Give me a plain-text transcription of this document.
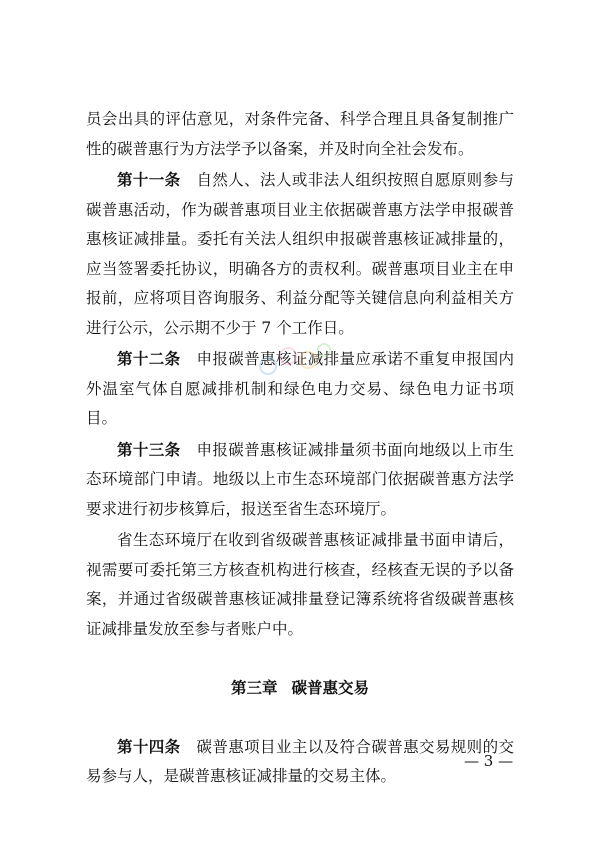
员会出具的评估意见，对条件完备、科学合理且具备复制推广性的碳普惠行为方法学予以备案，并及时向全社会发布。

第十一条　 自然人、法人或非法人组织按照自愿原则参与碳普惠活动，作为碳普惠项目业主依据碳普惠方法学申报碳普惠核证减排量。委托有关法人组织申报碳普惠核证减排量的，应当签署委托协议，明确各方的责权利。碳普惠项目业主在申报前，应将项目咨询服务、利益分配等关键信息向利益相关方进行公示，公示期不少于 7 个工作日。

第十二条　 申报碳普惠核证减排量应承诺不重复申报国内外温室气体自愿减排机制和绿色电力交易、绿色电力证书项目。

第十三条　 申报碳普惠核证减排量须书面向地级以上市生态环境部门申请。地级以上市生态环境部门依据碳普惠方法学要求进行初步核算后，报送至省生态环境厅。

省生态环境厅在收到省级碳普惠核证减排量书面申请后，视需要可委托第三方核查机构进行核查，经核查无误的予以备案，并通过省级碳普惠核证减排量登记簿系统将省级碳普惠核证减排量发放至参与者账户中。

第三章 碳普惠交易

第十四条　 碳普惠项目业主以及符合碳普惠交易规则的交易参与人，是碳普惠核证减排量的交易主体。

— 3 —
